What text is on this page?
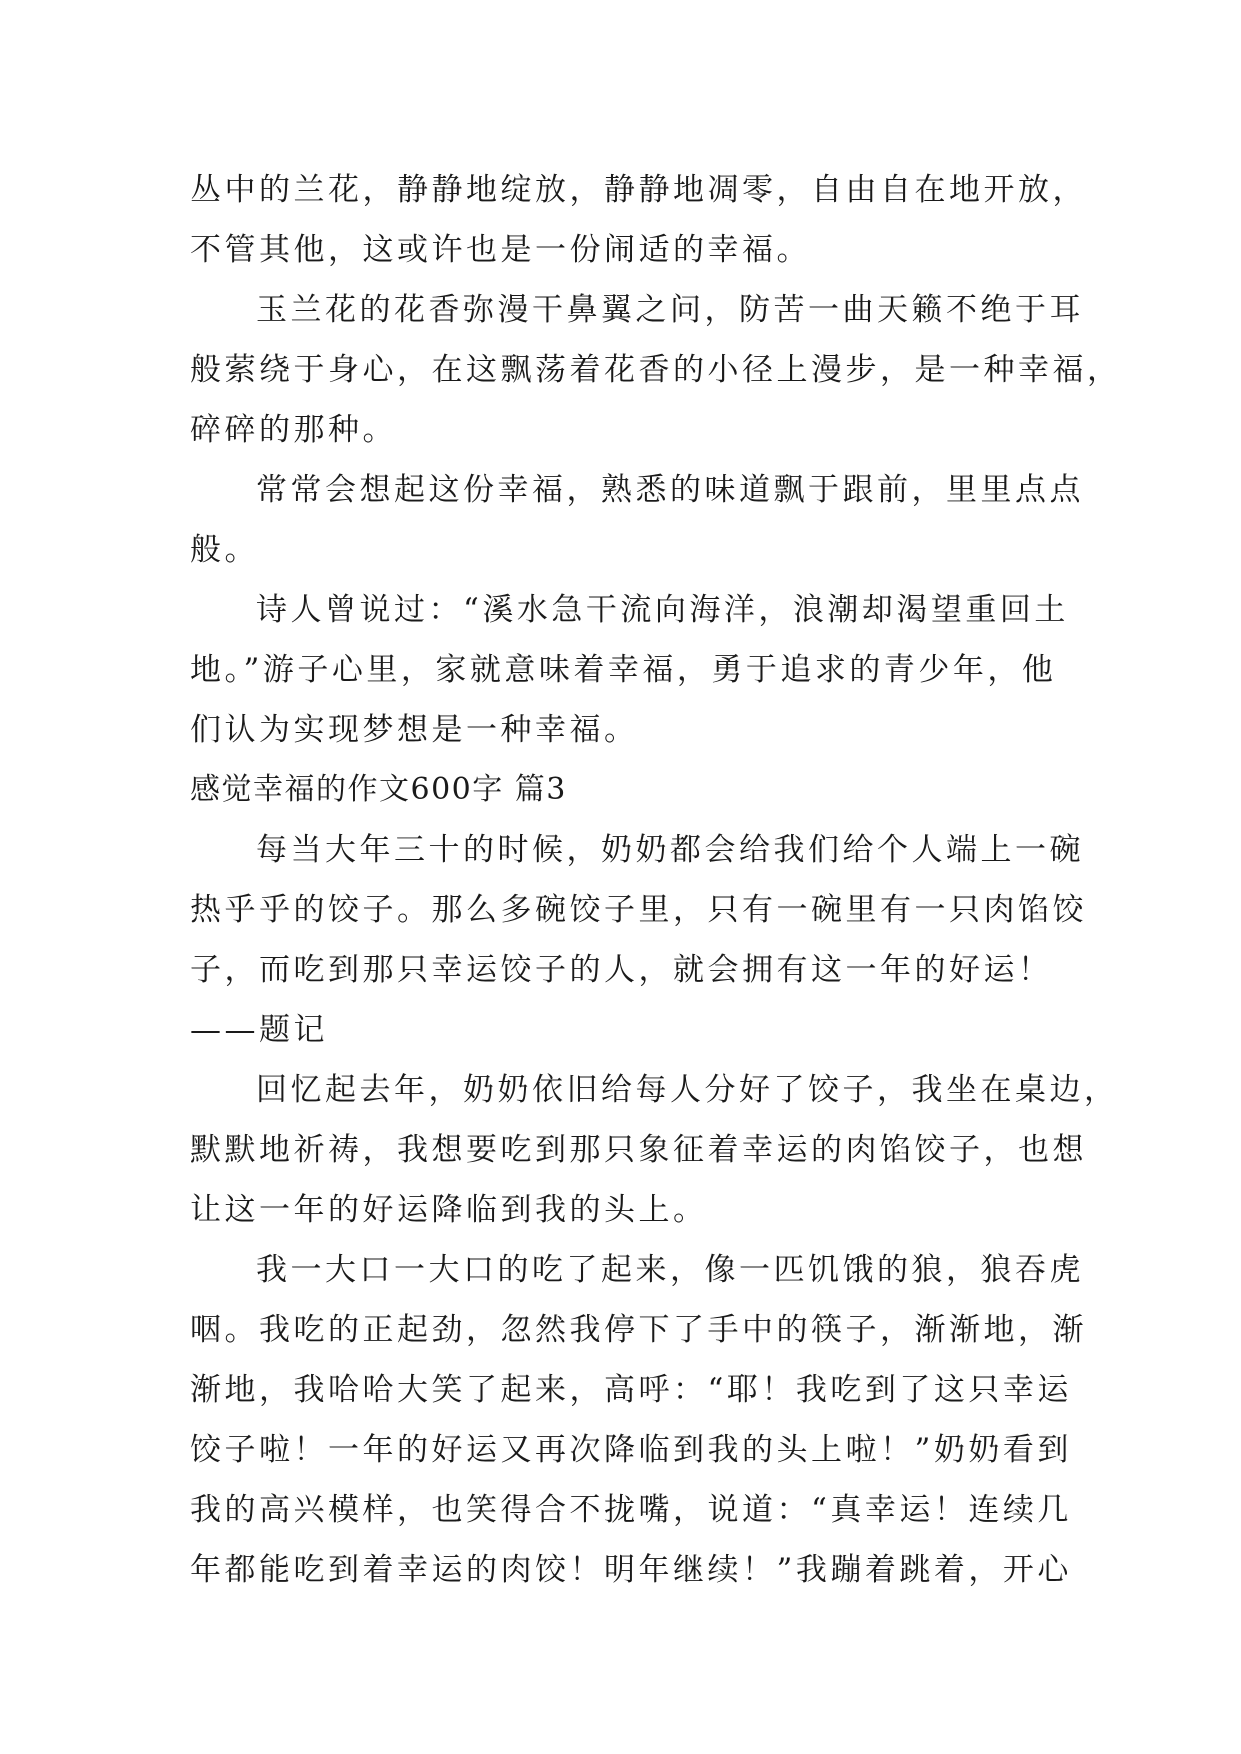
丛中的兰花，静静地绽放，静静地凋零，自由自在地开放，
不管其他，这或许也是一份闹适的幸福。
玉兰花的花香弥漫干鼻翼之问，防苦一曲天籁不绝于耳
般萦绕于身心，在这飘荡着花香的小径上漫步，是一种幸福，
碎碎的那种。
常常会想起这份幸福，熟悉的味道飘于跟前，里里点点
般。
诗人曾说过：“溪水急干流向海洋，浪潮却渴望重回土
地。”游子心里，家就意味着幸福，勇于追求的青少年，他
们认为实现梦想是一种幸福。
感觉幸福的作文600字 篇3
每当大年三十的时候，奶奶都会给我们给个人端上一碗
热乎乎的饺子。那么多碗饺子里，只有一碗里有一只肉馅饺
子，而吃到那只幸运饺子的人，就会拥有这一年的好运！
——题记
回忆起去年，奶奶依旧给每人分好了饺子，我坐在桌边，
默默地祈祷，我想要吃到那只象征着幸运的肉馅饺子，也想
让这一年的好运降临到我的头上。
我一大口一大口的吃了起来，像一匹饥饿的狼，狼吞虎
咽。我吃的正起劲，忽然我停下了手中的筷子，渐渐地，渐
渐地，我哈哈大笑了起来，高呼：“耶！我吃到了这只幸运
饺子啦！一年的好运又再次降临到我的头上啦！”奶奶看到
我的高兴模样，也笑得合不拢嘴，说道：“真幸运！连续几
年都能吃到着幸运的肉饺！明年继续！”我蹦着跳着，开心
